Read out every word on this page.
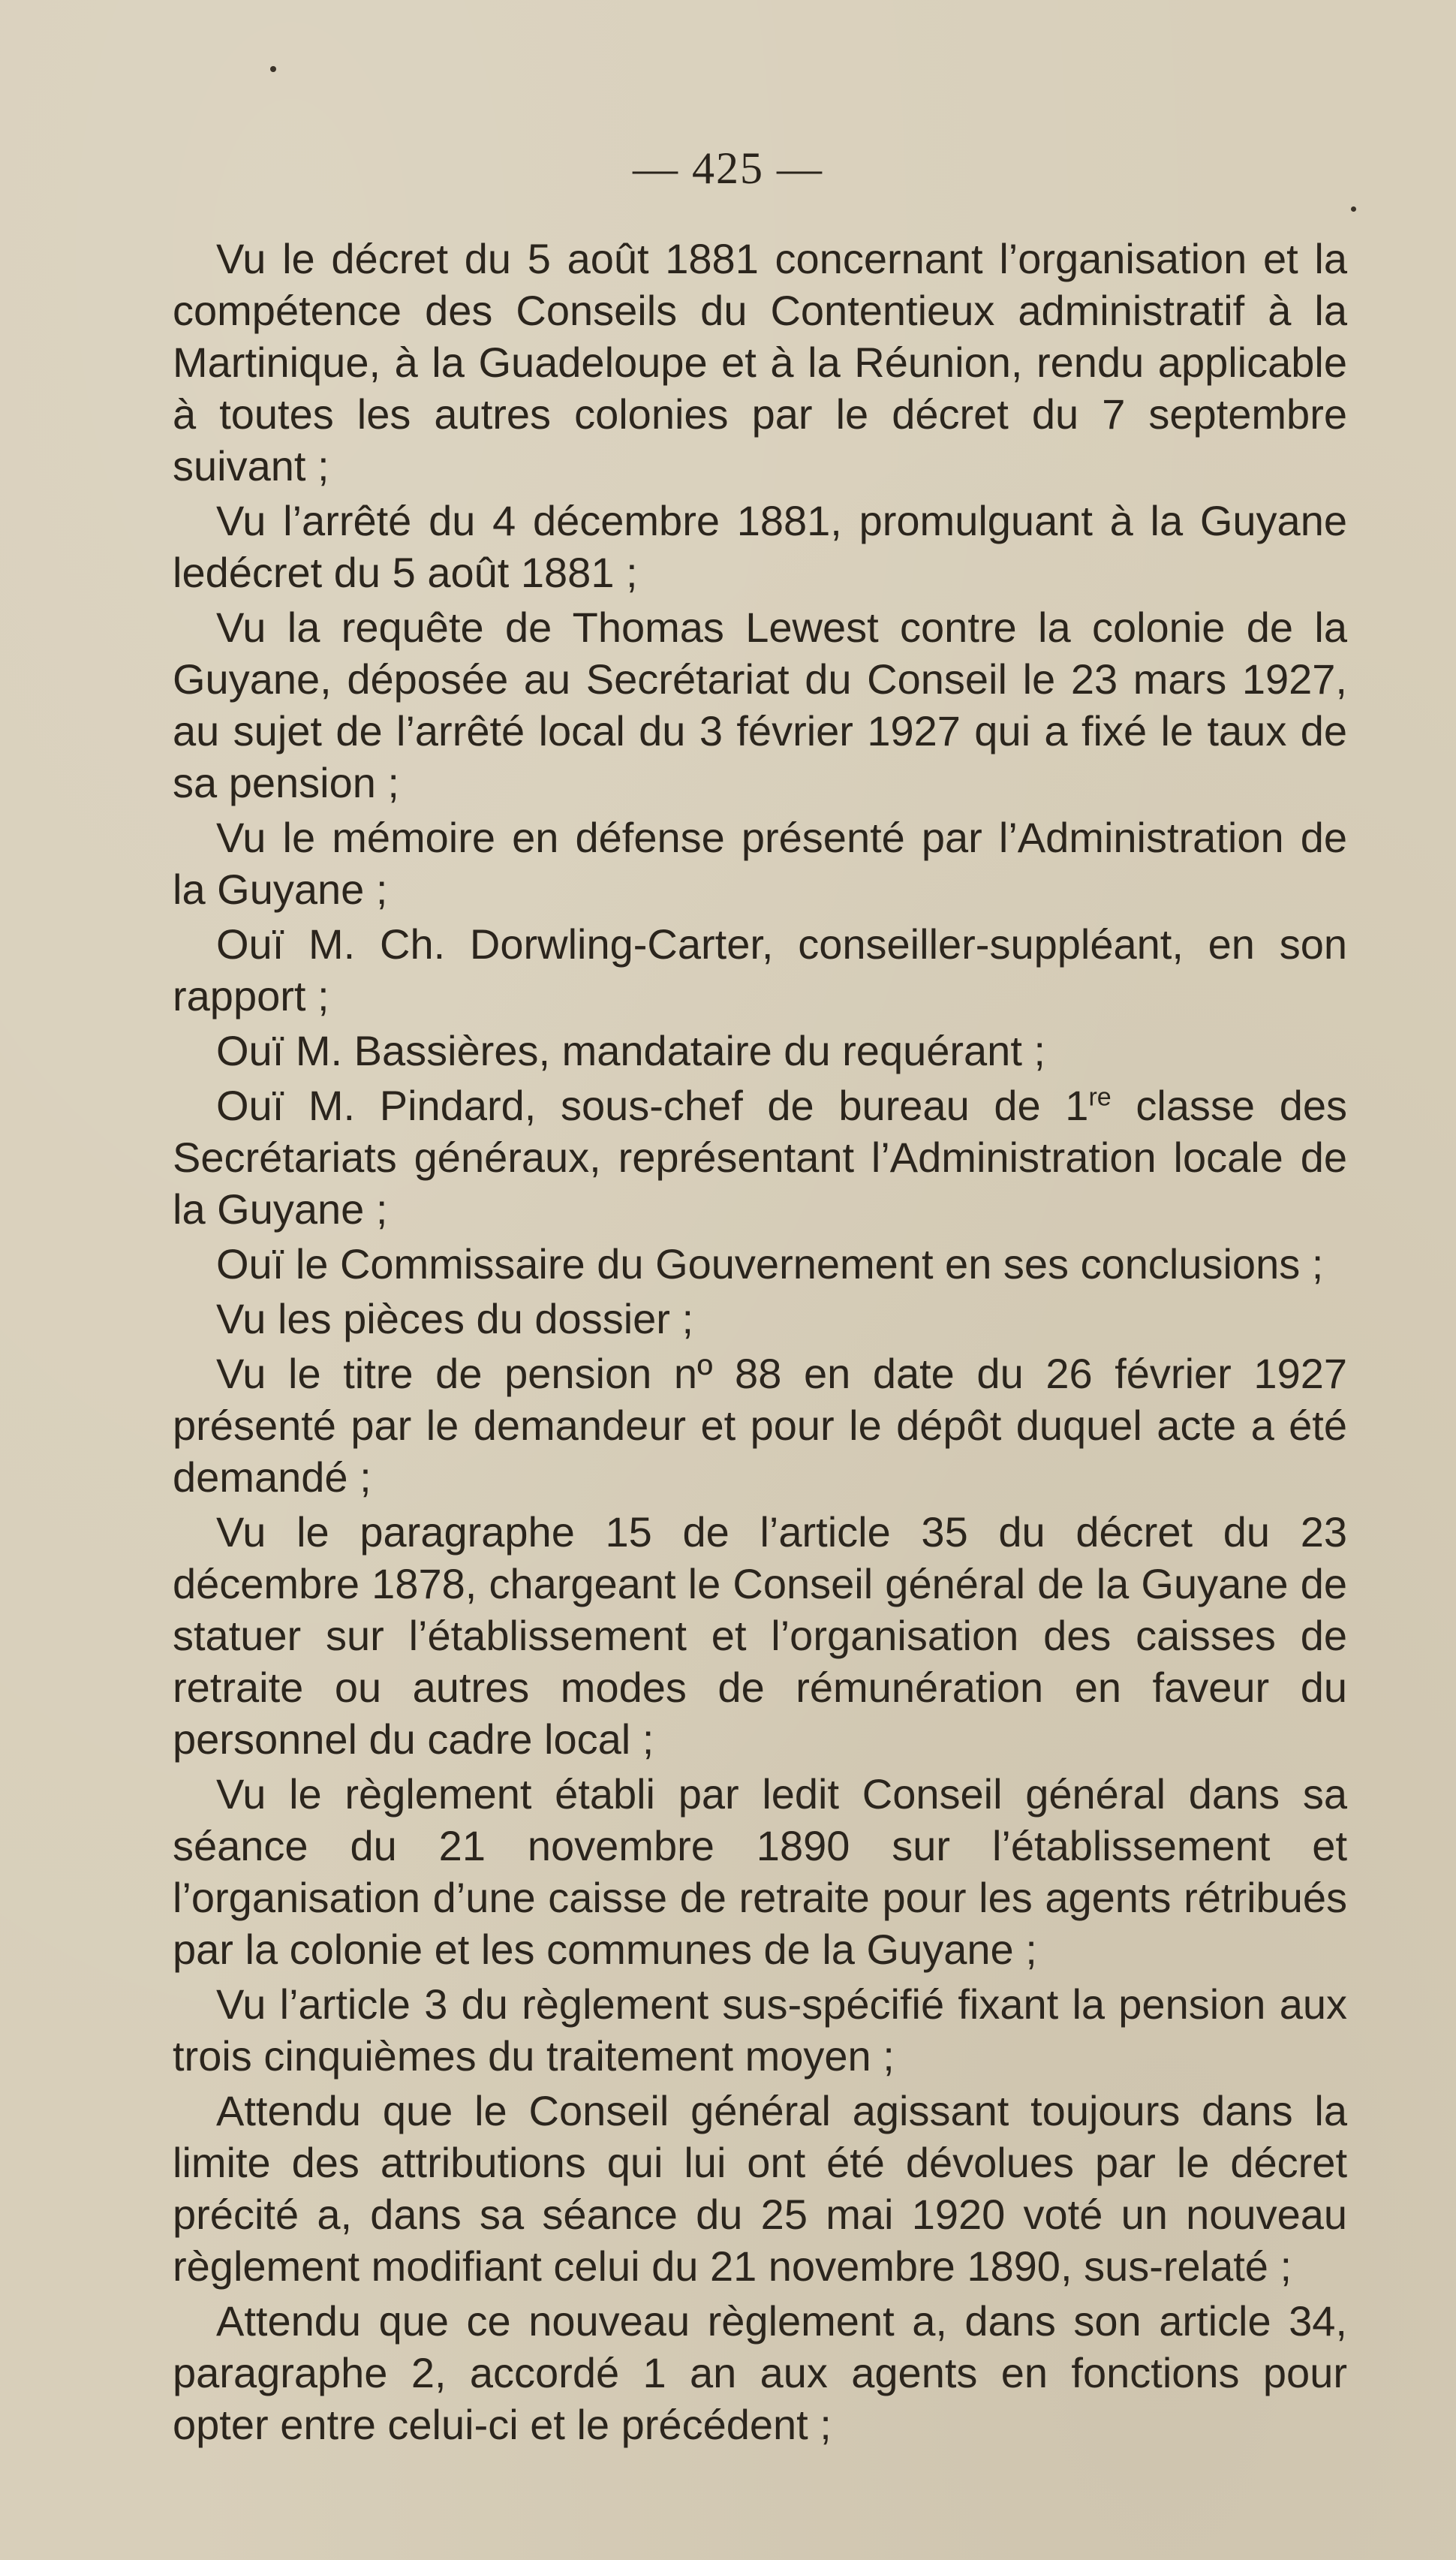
— 425 —

Vu le décret du 5 août 1881 concernant l’organisation et la compétence des Conseils du Contentieux administratif à la Martinique, à la Guadeloupe et à la Réunion, rendu applicable à toutes les autres colonies par le décret du 7 septembre suivant ;

Vu l’arrêté du 4 décembre 1881, promulguant à la Guyane ledécret du 5 août 1881 ;

Vu la requête de Thomas Lewest contre la colonie de la Guyane, déposée au Secrétariat du Conseil le 23 mars 1927, au sujet de l’arrêté local du 3 février 1927 qui a fixé le taux de sa pension ;

Vu le mémoire en défense présenté par l’Administration de la Guyane ;

Ouï M. Ch. Dorwling-Carter, conseiller-suppléant, en son rapport ;

Ouï M. Bassières, mandataire du requérant ;

Ouï M. Pindard, sous-chef de bureau de 1re classe des Secrétariats généraux, représentant l’Administration locale de la Guyane ;

Ouï le Commissaire du Gouvernement en ses conclusions ;

Vu les pièces du dossier ;

Vu le titre de pension nº 88 en date du 26 février 1927 présenté par le demandeur et pour le dépôt duquel acte a été demandé ;

Vu le paragraphe 15 de l’article 35 du décret du 23 décembre 1878, chargeant le Conseil général de la Guyane de statuer sur l’établissement et l’organisation des caisses de retraite ou autres modes de rémunération en faveur du personnel du cadre local ;

Vu le règlement établi par ledit Conseil général dans sa séance du 21 novembre 1890 sur l’établissement et l’organisation d’une caisse de retraite pour les agents rétribués par la colonie et les communes de la Guyane ;

Vu l’article 3 du règlement sus-spécifié fixant la pension aux trois cinquièmes du traitement moyen ;

Attendu que le Conseil général agissant toujours dans la limite des attributions qui lui ont été dévolues par le décret précité a, dans sa séance du 25 mai 1920 voté un nouveau règlement modifiant celui du 21 novembre 1890, sus-relaté ;

Attendu que ce nouveau règlement a, dans son article 34, paragraphe 2, accordé 1 an aux agents en fonctions pour opter entre celui-ci et le précédent ;
